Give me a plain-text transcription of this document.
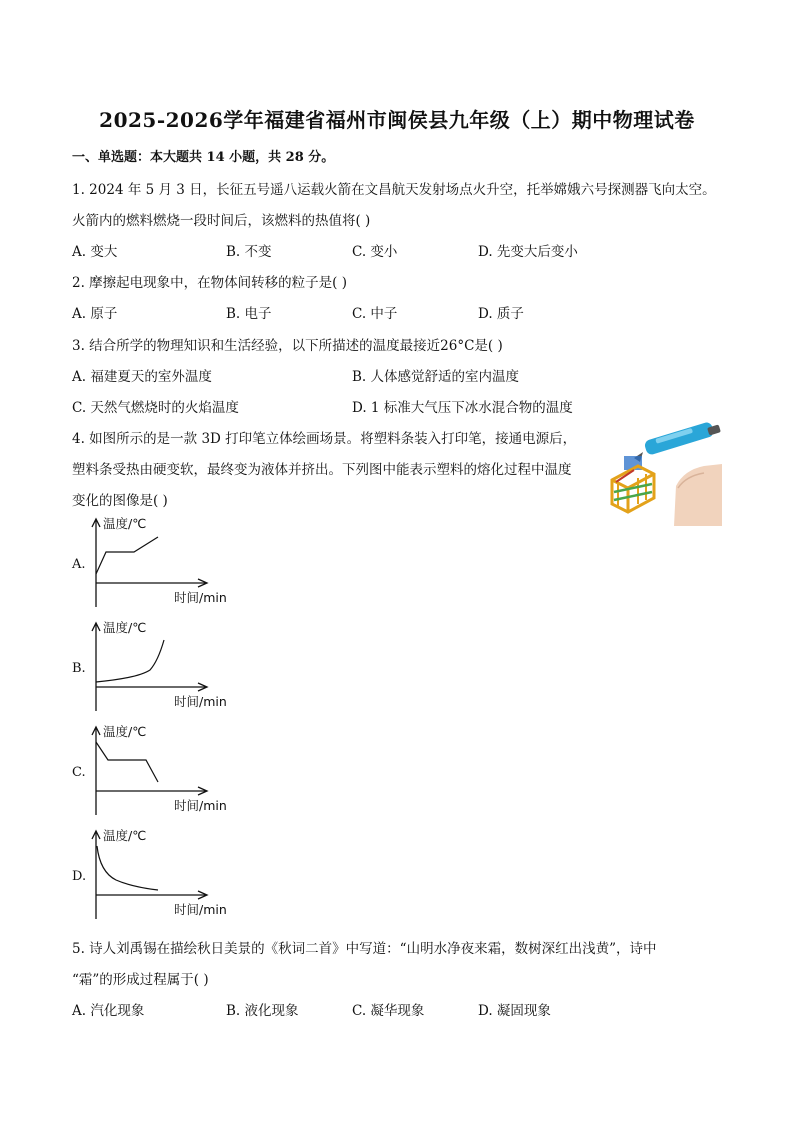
2025-2026学年福建省福州市闽侯县九年级（上）期中物理试卷
一、单选题：本大题共 14 小题，共 28 分。
1. 2024 年 5 月 3 日，长征五号遥八运载火箭在文昌航天发射场点火升空，托举嫦娥六号探测器飞向太空。
火箭内的燃料燃烧一段时间后，该燃料的热值将( )
A. 变大	B. 不变	C. 变小	D. 先变大后变小
2. 摩擦起电现象中，在物体间转移的粒子是( )
A. 原子	B. 电子	C. 中子	D. 质子
3. 结合所学的物理知识和生活经验，以下所描述的温度最接近26°C是( )
A. 福建夏天的室外温度	B. 人体感觉舒适的室内温度
C. 天然气燃烧时的火焰温度	D. 1 标准大气压下冰水混合物的温度
4. 如图所示的是一款 3D 打印笔立体绘画场景。将塑料条装入打印笔，接通电源后，
塑料条受热由硬变软，最终变为液体并挤出。下列图中能表示塑料的熔化过程中温度
变化的图像是( )
A.
温度/℃
时间/min
B.
温度/℃
时间/min
C.
温度/℃
时间/min
D.
温度/℃
时间/min
5. 诗人刘禹锡在描绘秋日美景的《秋词二首》中写道：“山明水净夜来霜，数树深红出浅黄”，诗中
“霜”的形成过程属于( )
A. 汽化现象	B. 液化现象	C. 凝华现象	D. 凝固现象
